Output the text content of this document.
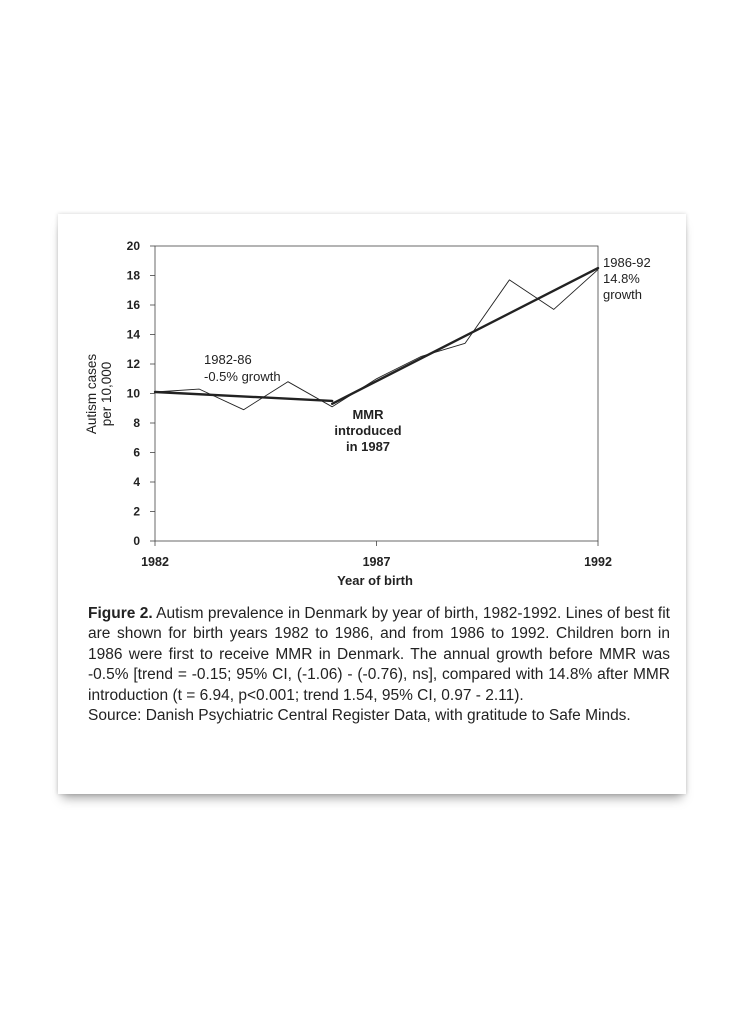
0
2
4
6
8
10
12
14
16
18
20
1982	1987	1992
Autism cases per 10,000
Year of birth
1982-86
-0.5% growth
MMR
introduced
in 1987
1986-92
14.8%
growth
Figure 2. Autism prevalence in Denmark by year of birth, 1982-1992. Lines of best fit are shown for birth years 1982 to 1986, and from 1986 to 1992. Children born in 1986 were first to receive MMR in Denmark. The annual growth before MMR was -0.5% [trend = -0.15; 95% CI, (-1.06) - (-0.76), ns], compared with 14.8% after MMR introduction (t = 6.94, p<0.001; trend 1.54, 95% CI, 0.97 - 2.11).
Source: Danish Psychiatric Central Register Data, with gratitude to Safe Minds.
